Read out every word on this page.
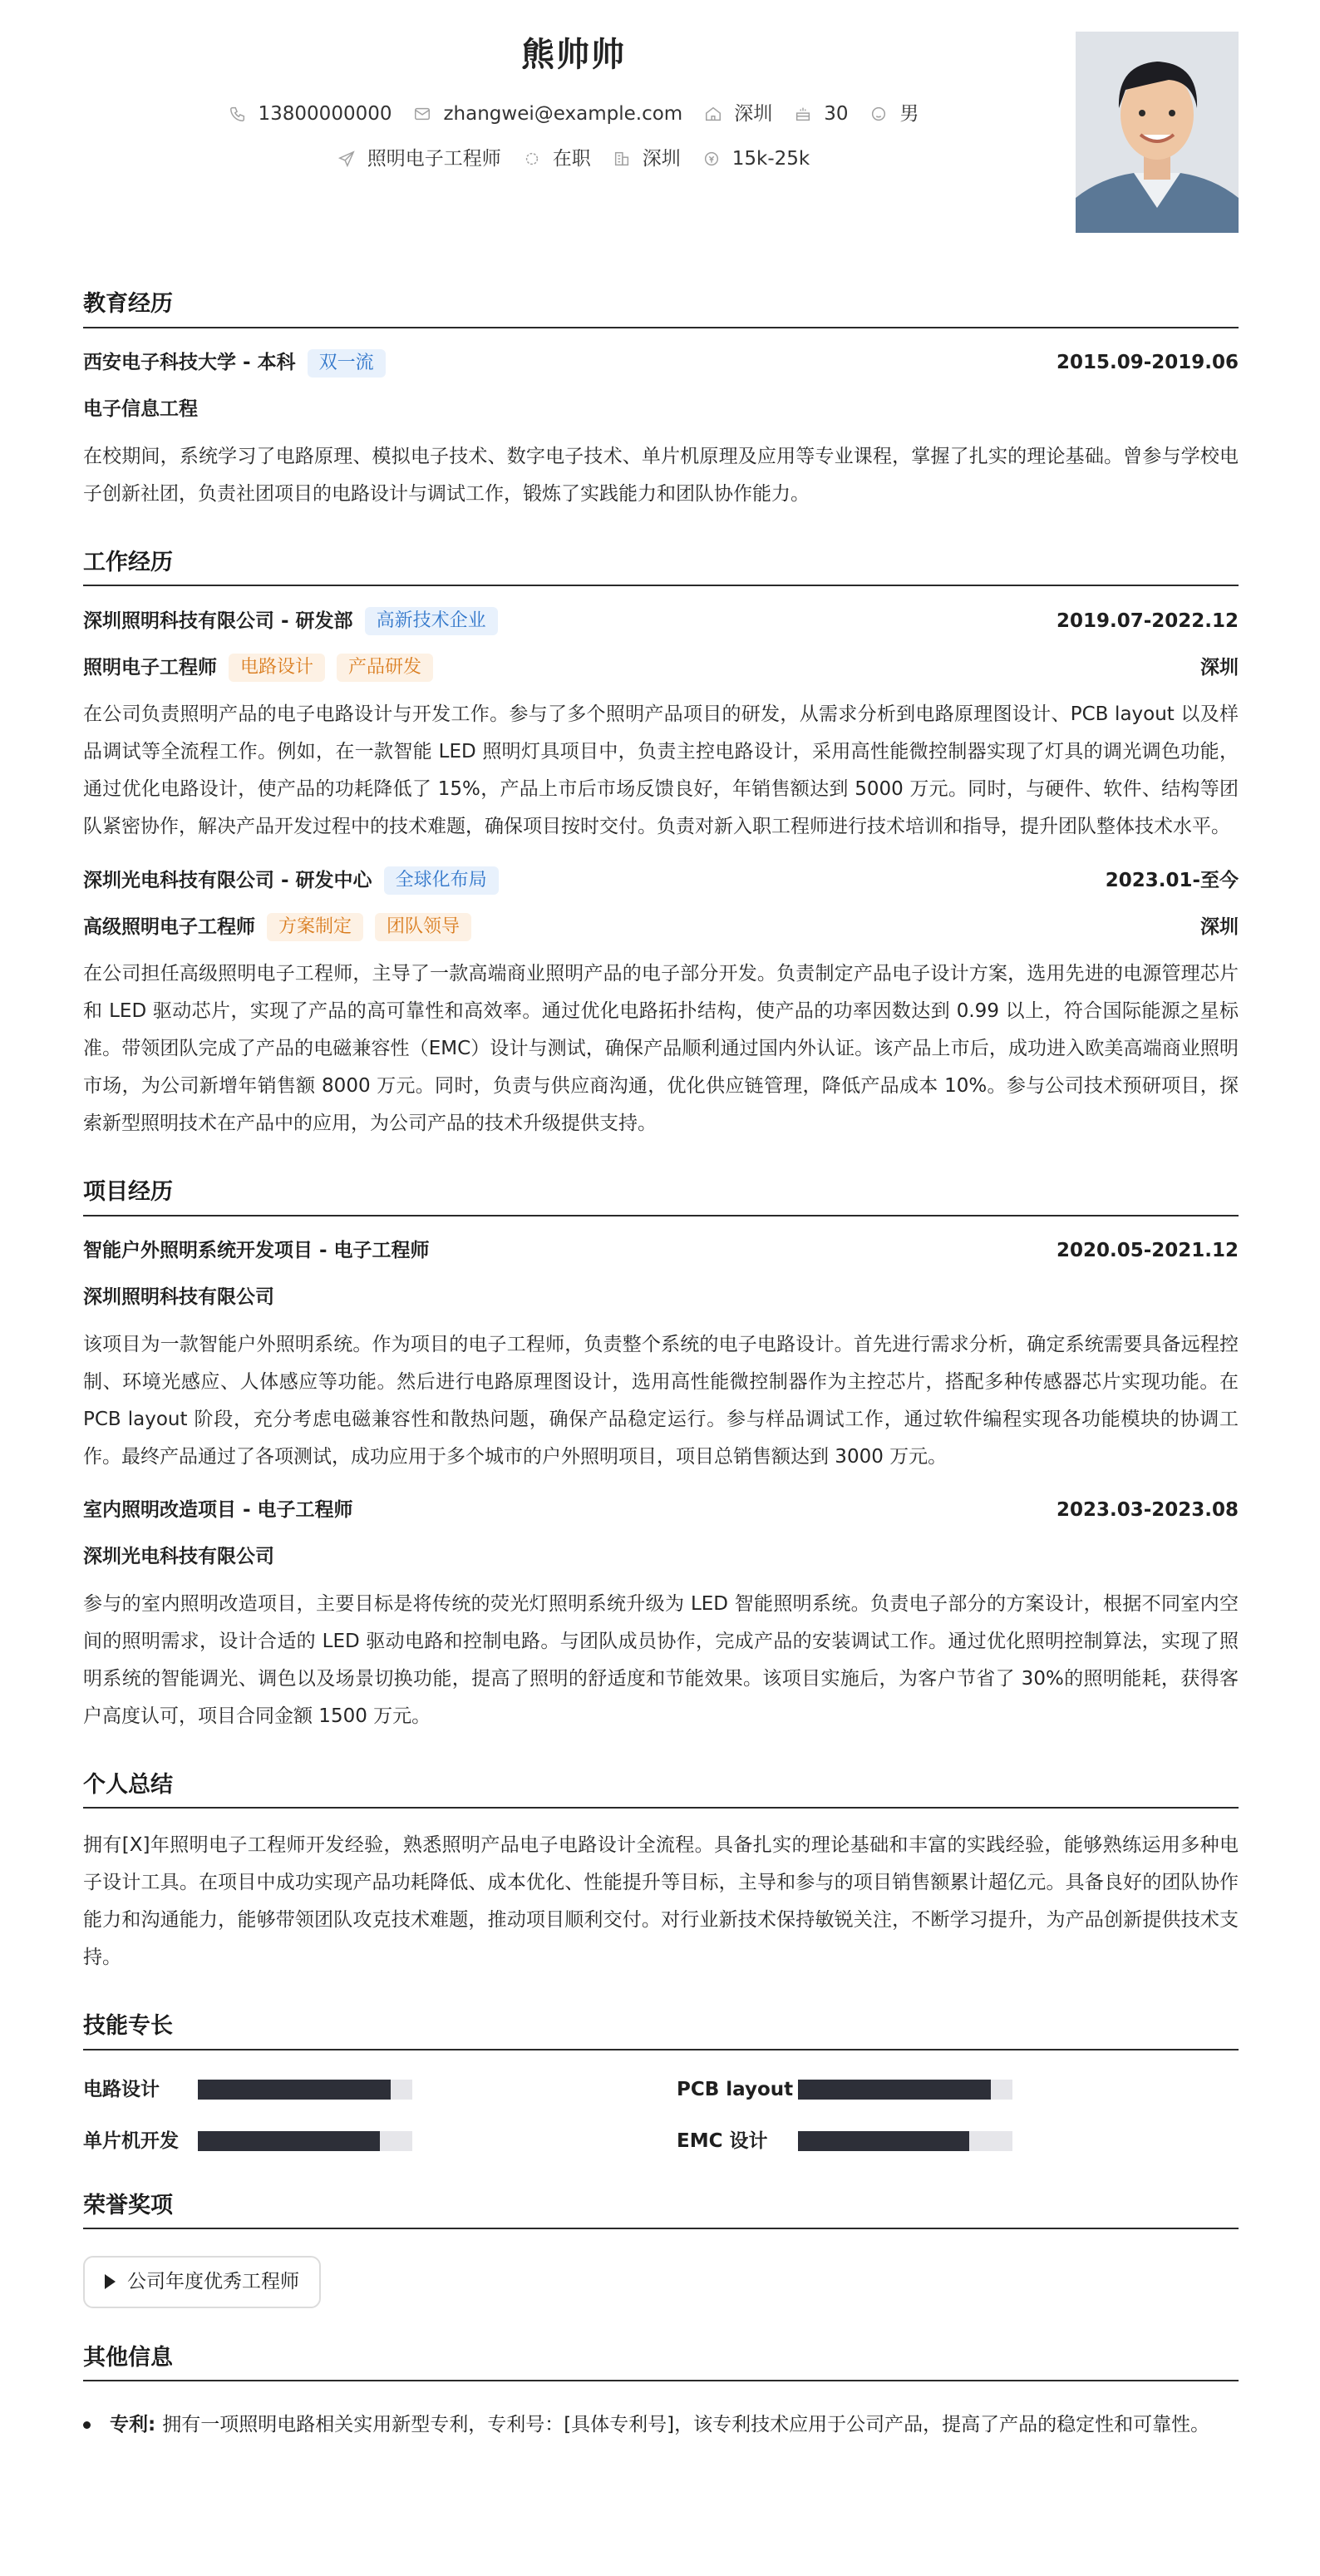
熊帅帅
13800000000	zhangwei@example.com	深圳	30	男
照明电子工程师	在职	深圳	15k-25k
教育经历
西安电子科技大学 - 本科	双一流	2015.09-2019.06
电子信息工程
在校期间，系统学习了电路原理、模拟电子技术、数字电子技术、单片机原理及应用等专业课程，掌握了扎实的理论基础。曾参与学校电子创新社团，负责社团项目的电路设计与调试工作，锻炼了实践能力和团队协作能力。
工作经历
深圳照明科技有限公司 - 研发部	高新技术企业	2019.07-2022.12
照明电子工程师	电路设计	产品研发	深圳
在公司负责照明产品的电子电路设计与开发工作。参与了多个照明产品项目的研发，从需求分析到电路原理图设计、PCB layout 以及样品调试等全流程工作。例如，在一款智能 LED 照明灯具项目中，负责主控电路设计，采用高性能微控制器实现了灯具的调光调色功能，通过优化电路设计，使产品的功耗降低了 15%，产品上市后市场反馈良好，年销售额达到 5000 万元。同时，与硬件、软件、结构等团队紧密协作，解决产品开发过程中的技术难题，确保项目按时交付。负责对新入职工程师进行技术培训和指导，提升团队整体技术水平。
深圳光电科技有限公司 - 研发中心	全球化布局	2023.01-至今
高级照明电子工程师	方案制定	团队领导	深圳
在公司担任高级照明电子工程师，主导了一款高端商业照明产品的电子部分开发。负责制定产品电子设计方案，选用先进的电源管理芯片和 LED 驱动芯片，实现了产品的高可靠性和高效率。通过优化电路拓扑结构，使产品的功率因数达到 0.99 以上，符合国际能源之星标准。带领团队完成了产品的电磁兼容性（EMC）设计与测试，确保产品顺利通过国内外认证。该产品上市后，成功进入欧美高端商业照明市场，为公司新增年销售额 8000 万元。同时，负责与供应商沟通，优化供应链管理，降低产品成本 10%。参与公司技术预研项目，探索新型照明技术在产品中的应用，为公司产品的技术升级提供支持。
项目经历
智能户外照明系统开发项目 - 电子工程师	2020.05-2021.12
深圳照明科技有限公司
该项目为一款智能户外照明系统。作为项目的电子工程师，负责整个系统的电子电路设计。首先进行需求分析，确定系统需要具备远程控制、环境光感应、人体感应等功能。然后进行电路原理图设计，选用高性能微控制器作为主控芯片，搭配多种传感器芯片实现功能。在 PCB layout 阶段，充分考虑电磁兼容性和散热问题，确保产品稳定运行。参与样品调试工作，通过软件编程实现各功能模块的协调工作。最终产品通过了各项测试，成功应用于多个城市的户外照明项目，项目总销售额达到 3000 万元。
室内照明改造项目 - 电子工程师	2023.03-2023.08
深圳光电科技有限公司
参与的室内照明改造项目，主要目标是将传统的荧光灯照明系统升级为 LED 智能照明系统。负责电子部分的方案设计，根据不同室内空间的照明需求，设计合适的 LED 驱动电路和控制电路。与团队成员协作，完成产品的安装调试工作。通过优化照明控制算法，实现了照明系统的智能调光、调色以及场景切换功能，提高了照明的舒适度和节能效果。该项目实施后，为客户节省了 30%的照明能耗，获得客户高度认可，项目合同金额 1500 万元。
个人总结
拥有[X]年照明电子工程师开发经验，熟悉照明产品电子电路设计全流程。具备扎实的理论基础和丰富的实践经验，能够熟练运用多种电子设计工具。在项目中成功实现产品功耗降低、成本优化、性能提升等目标，主导和参与的项目销售额累计超亿元。具备良好的团队协作能力和沟通能力，能够带领团队攻克技术难题，推动项目顺利交付。对行业新技术保持敏锐关注，不断学习提升，为产品创新提供技术支持。
技能专长
电路设计	PCB layout
单片机开发	EMC 设计
荣誉奖项
公司年度优秀工程师
其他信息
专利: 拥有一项照明电路相关实用新型专利，专利号：[具体专利号]，该专利技术应用于公司产品，提高了产品的稳定性和可靠性。
